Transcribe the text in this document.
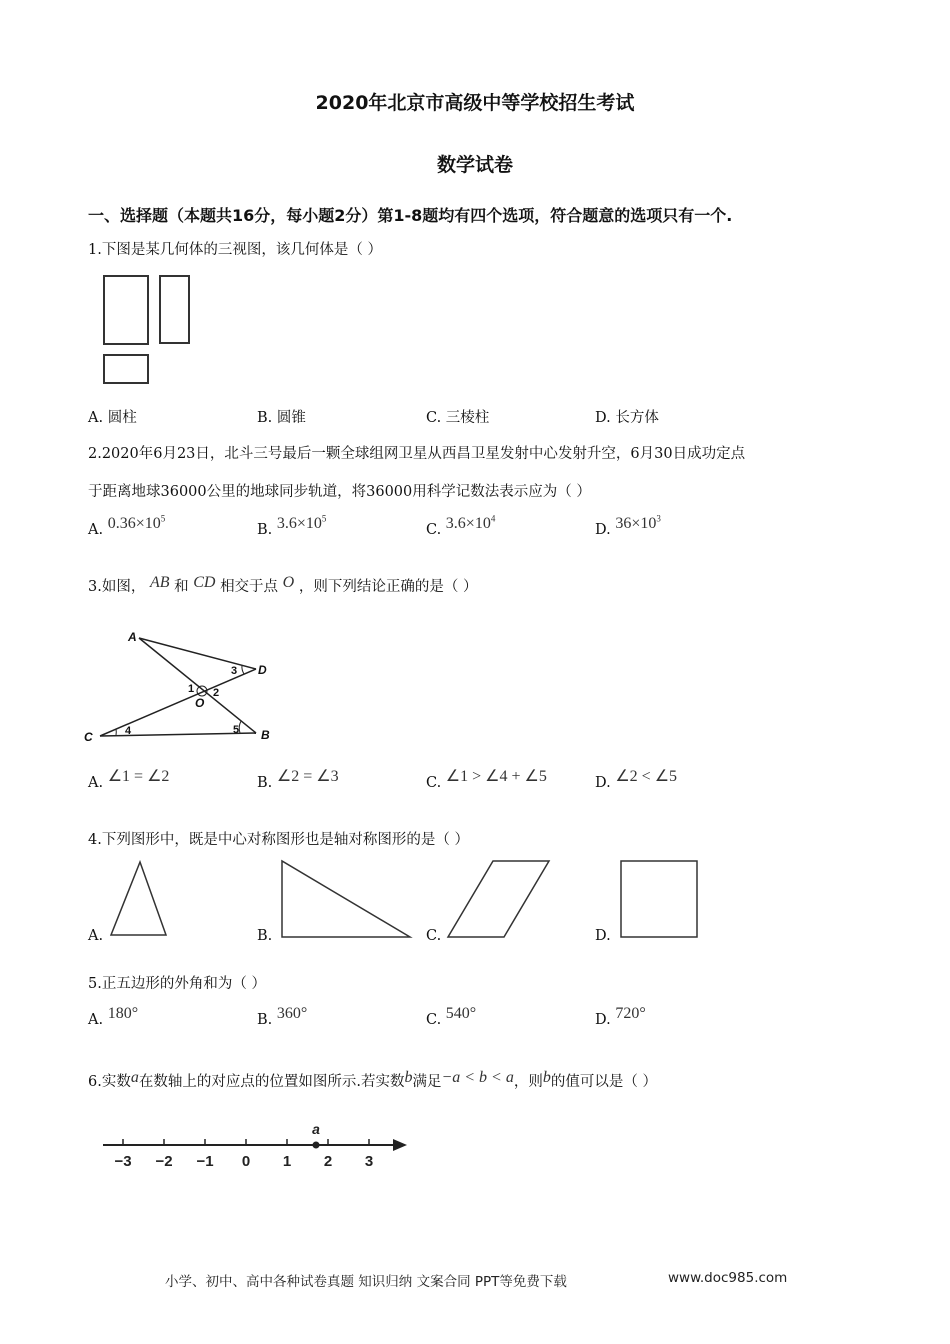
2020年北京市高级中等学校招生考试
数学试卷
一、选择题（本题共16分，每小题2分）第1-8题均有四个选项，符合题意的选项只有一个.
1.下图是某几何体的三视图，该几何体是（ ）
A. 圆柱	B. 圆锥	C. 三棱柱	D. 长方体
2.2020年6月23日，北斗三号最后一颗全球组网卫星从西昌卫星发射中心发射升空，6月30日成功定点
于距离地球36000公里的地球同步轨道，将36000用科学记数法表示应为（ ）
A. $0.36\times 10^5$
B. $3.6\times 10^5$
C. $3.6\times 10^4$
D. $36\times 10^3$
3.如图， AB 和 CD 相交于点 O ，则下列结论正确的是（ ）
A
D
C	B
O
1 2
3
4	5
A. ∠1 = ∠2	B. ∠2 = ∠3	C. ∠1 > ∠4 + ∠5	D. ∠2 < ∠5
4.下列图形中，既是中心对称图形也是轴对称图形的是（ ）
A.	B.	C.	D.
5.正五边形的外角和为（ ）
A. 180°	B. 360°	C. 540°	D. 720°
6.实数a在数轴上的对应点的位置如图所示.若实数b满足−a < b < a，则b的值可以是（ ）
−3 −2 −1 0 1 2 3
a
小学、初中、高中各种试卷真题 知识归纳 文案合同 PPT等免费下载	www.doc985.com
